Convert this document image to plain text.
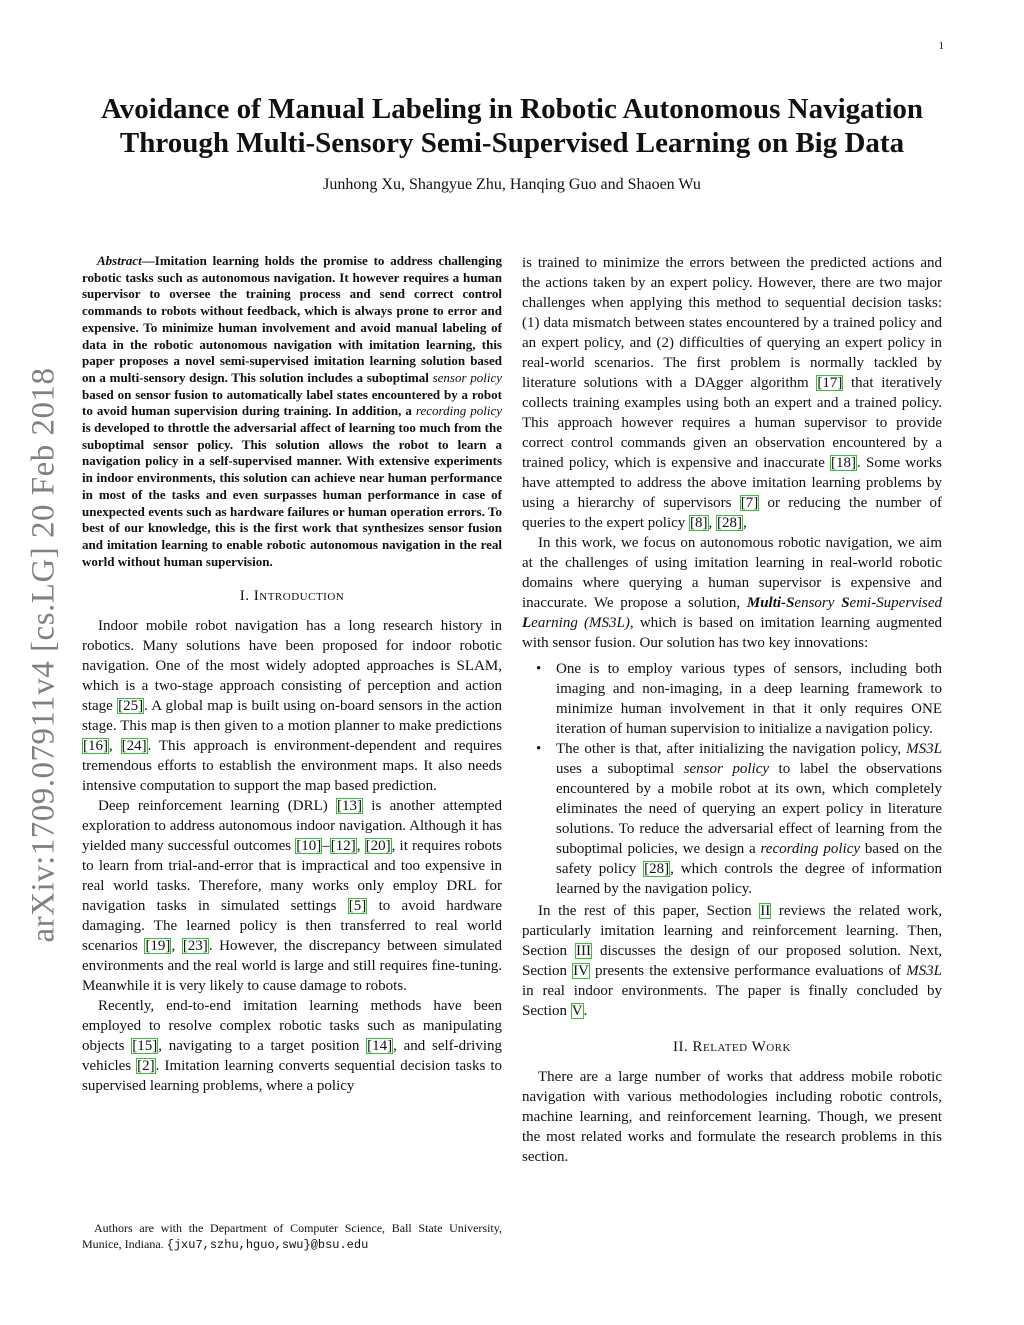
1
arXiv:1709.07911v4 [cs.LG] 20 Feb 2018
Avoidance of Manual Labeling in Robotic Autonomous Navigation
Through Multi-Sensory Semi-Supervised Learning on Big Data
Junhong Xu, Shangyue Zhu, Hanqing Guo and Shaoen Wu

Abstract—Imitation learning holds the promise to address challenging robotic tasks such as autonomous navigation. It however requires a human supervisor to oversee the training process and send correct control commands to robots without feedback, which is always prone to error and expensive. To minimize human involvement and avoid manual labeling of data in the robotic autonomous navigation with imitation learning, this paper proposes a novel semi-supervised imitation learning solution based on a multi-sensory design. This solution includes a suboptimal sensor policy based on sensor fusion to automatically label states encountered by a robot to avoid human supervision during training. In addition, a recording policy is developed to throttle the adversarial affect of learning too much from the suboptimal sensor policy. This solution allows the robot to learn a navigation policy in a self-supervised manner. With extensive experiments in indoor environments, this solution can achieve near human performance in most of the tasks and even surpasses human performance in case of unexpected events such as hardware failures or human operation errors. To best of our knowledge, this is the first work that synthesizes sensor fusion and imitation learning to enable robotic autonomous navigation in the real world without human supervision.

I. Introduction

Indoor mobile robot navigation has a long research history in robotics. Many solutions have been proposed for indoor robotic navigation. One of the most widely adopted approaches is SLAM, which is a two-stage approach consisting of perception and action stage [25]. A global map is built using on-board sensors in the action stage. This map is then given to a motion planner to make predictions [16], [24]. This approach is environment-dependent and requires tremendous efforts to establish the environment maps. It also needs intensive computation to support the map based prediction.

Deep reinforcement learning (DRL) [13] is another attempted exploration to address autonomous indoor navigation. Although it has yielded many successful outcomes [10]–[12], [20], it requires robots to learn from trial-and-error that is impractical and too expensive in real world tasks. Therefore, many works only employ DRL for navigation tasks in simulated settings [5] to avoid hardware damaging. The learned policy is then transferred to real world scenarios [19], [23]. However, the discrepancy between simulated environments and the real world is large and still requires fine-tuning. Meanwhile it is very likely to cause damage to robots.

Recently, end-to-end imitation learning methods have been employed to resolve complex robotic tasks such as manipulating objects [15], navigating to a target position [14], and self-driving vehicles [2]. Imitation learning converts sequential decision tasks to supervised learning problems, where a policy

is trained to minimize the errors between the predicted actions and the actions taken by an expert policy. However, there are two major challenges when applying this method to sequential decision tasks: (1) data mismatch between states encountered by a trained policy and an expert policy, and (2) difficulties of querying an expert policy in real-world scenarios. The first problem is normally tackled by literature solutions with a DAgger algorithm [17] that iteratively collects training examples using both an expert and a trained policy. This approach however requires a human supervisor to provide correct control commands given an observation encountered by a trained policy, which is expensive and inaccurate [18]. Some works have attempted to address the above imitation learning problems by using a hierarchy of supervisors [7] or reducing the number of queries to the expert policy [8], [28],

In this work, we focus on autonomous robotic navigation, we aim at the challenges of using imitation learning in real-world robotic domains where querying a human supervisor is expensive and inaccurate. We propose a solution, Multi-Sensory Semi-Supervised Learning (MS3L), which is based on imitation learning augmented with sensor fusion. Our solution has two key innovations:

• One is to employ various types of sensors, including both imaging and non-imaging, in a deep learning framework to minimize human involvement in that it only requires ONE iteration of human supervision to initialize a navigation policy.
• The other is that, after initializing the navigation policy, MS3L uses a suboptimal sensor policy to label the observations encountered by a mobile robot at its own, which completely eliminates the need of querying an expert policy in literature solutions. To reduce the adversarial effect of learning from the suboptimal policies, we design a recording policy based on the safety policy [28], which controls the degree of information learned by the navigation policy.

In the rest of this paper, Section II reviews the related work, particularly imitation learning and reinforcement learning. Then, Section III discusses the design of our proposed solution. Next, Section IV presents the extensive performance evaluations of MS3L in real indoor environments. The paper is finally concluded by Section V.

II. Related Work

There are a large number of works that address mobile robotic navigation with various methodologies including robotic controls, machine learning, and reinforcement learning. Though, we present the most related works and formulate the research problems in this section.

Authors are with the Department of Computer Science, Ball State University, Munice, Indiana. {jxu7,szhu,hguo,swu}@bsu.edu
